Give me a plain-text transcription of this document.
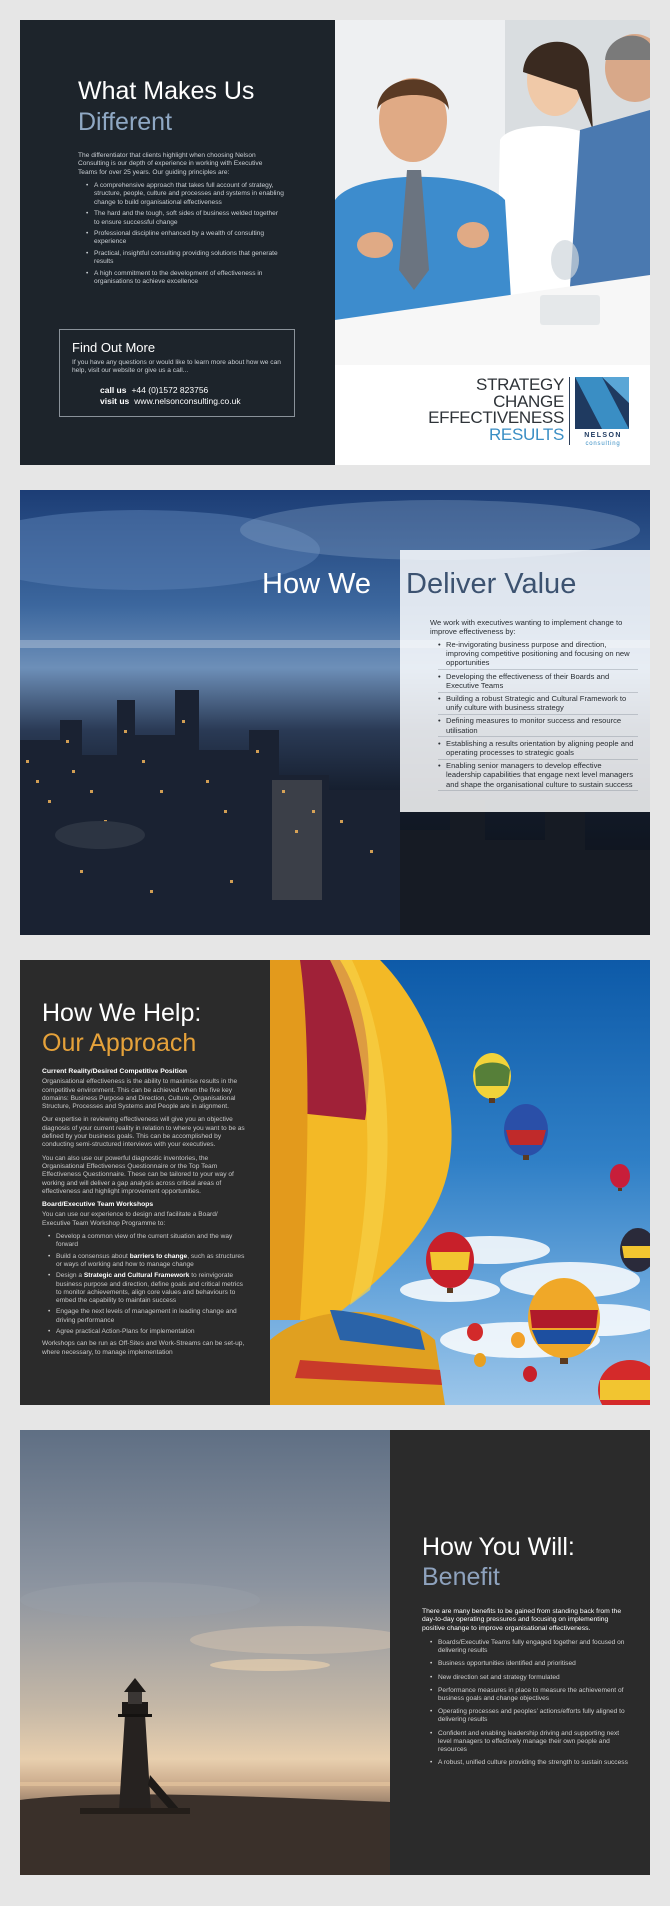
What Makes Us
Different

The differentiator that clients highlight when choosing Nelson Consulting is our depth of experience in working with Executive Teams for over 25 years. Our guiding principles are:

• A comprehensive approach that takes full account of strategy, structure, people, culture and processes and systems in enabling change to build organisational effectiveness
• The hard and the tough, soft sides of business welded together to ensure successful change
• Professional discipline enhanced by a wealth of consulting experience
• Practical, insightful consulting providing solutions that generate results
• A high commitment to the development of effectiveness in organisations to achieve excellence
Find Out More

If you have any questions or would like to learn more about how we can help, visit our website or give us a call...

call us +44 (0)1572 823756
visit us www.nelsonconsulting.co.uk
STRATEGY
CHANGE
EFFECTIVENESS
RESULTS	NELSON
consulting
How We Deliver Value

We work with executives wanting to implement change to improve effectiveness by:

• Re-invigorating business purpose and direction, improving competitive positioning and focusing on new opportunities
• Developing the effectiveness of their Boards and Executive Teams
• Building a robust Strategic and Cultural Framework to unify culture with business strategy
• Defining measures to monitor success and resource utilisation
• Establishing a results orientation by aligning people and operating processes to strategic goals
• Enabling senior managers to develop effective leadership capabilities that engage next level managers and shape the organisational culture to sustain success
How We Help:
Our Approach
Current Reality/Desired Competitive Position

Organisational effectiveness is the ability to maximise results in the competitive environment. This can be achieved when the five key domains: Business Purpose and Direction, Culture, Organisational Structure, Processes and Systems and People are in alignment.

Our expertise in reviewing effectiveness will give you an objective diagnosis of your current reality in relation to where you want to be as defined by your business goals. This can be accomplished by conducting semi-structured interviews with your executives.

You can also use our powerful diagnostic inventories, the Organisational Effectiveness Questionnaire or the Top Team Effectiveness Questionnaire. These can be tailored to your way of working and will deliver a gap analysis across critical areas of effectiveness and highlight improvement opportunities.

Board/Executive Team Workshops

You can use our experience to design and facilitate a Board/ Executive Team Workshop Programme to:

• Develop a common view of the current situation and the way forward
• Build a consensus about barriers to change, such as structures or ways of working and how to manage change
• Design a Strategic and Cultural Framework to reinvigorate business purpose and direction, define goals and critical metrics to monitor achievements, align core values and behaviours to embed the capability to maintain success
• Engage the next levels of management in leading change and driving performance
• Agree practical Action-Plans for implementation

Workshops can be run as Off-Sites and Work-Streams can be set-up, where necessary, to manage implementation

How You Will:
Benefit

There are many benefits to be gained from standing back from the day-to-day operating pressures and focusing on implementing positive change to improve organisational effectiveness.

• Boards/Executive Teams fully engaged together and focused on delivering results
• Business opportunities identified and prioritised
• New direction set and strategy formulated
• Performance measures in place to measure the achievement of business goals and change objectives
• Operating processes and peoples' actions/efforts fully aligned to delivering results
• Confident and enabling leadership driving and supporting next level managers to effectively manage their own people and resources
• A robust, unified culture providing the strength to sustain success
